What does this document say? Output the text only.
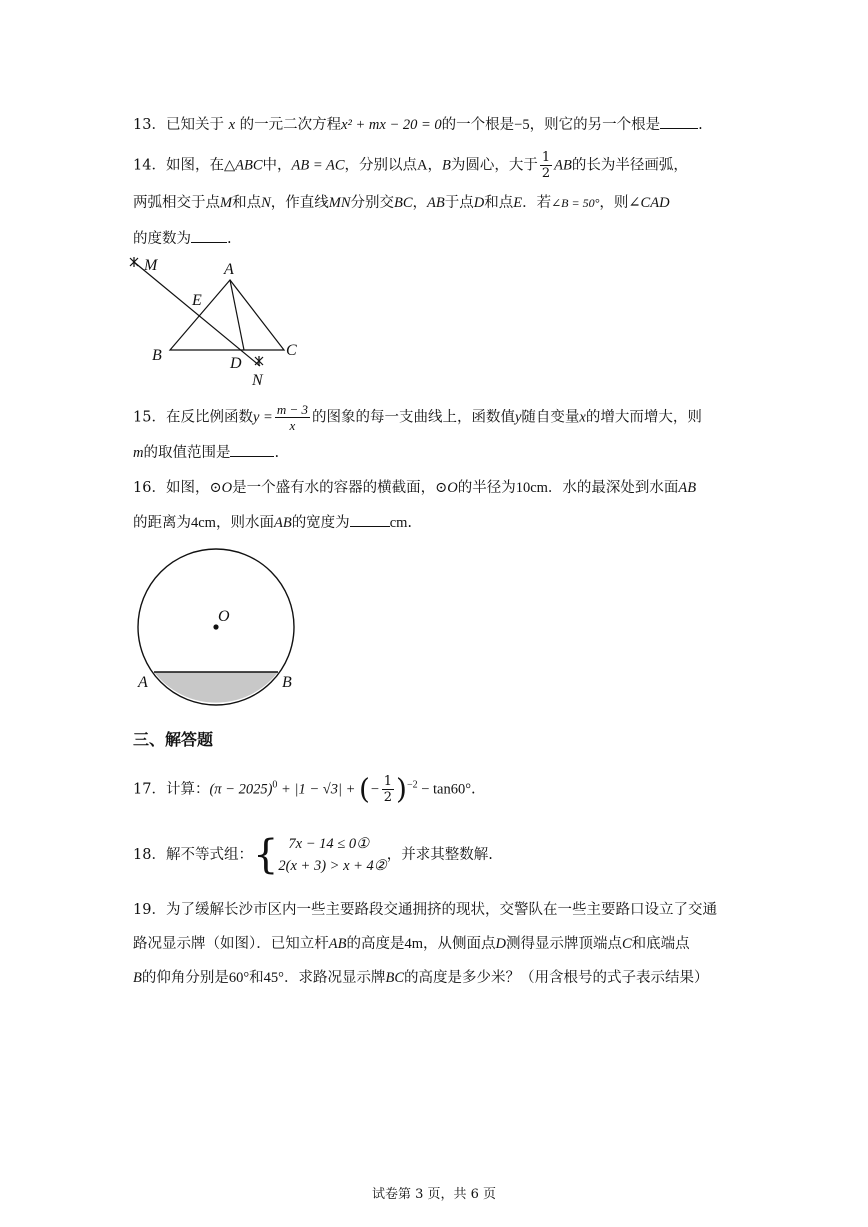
13．已知关于 x 的一元二次方程x² + mx − 20 = 0的一个根是−5，则它的另一个根是	.
14．如图，在△ABC中，AB = AC，分别以点A，B为圆心，大于 $\frac{1}{2}$ AB的长为半径画弧，
两弧相交于点M和点N，作直线MN分别交BC，AB于点D和点E．若∠B = 50°，则∠CAD
的度数为 .
M	A
E
B	D
C
N
15．在反比例函数$y = \frac{m - 3}{x}$ 的图象的每一支曲线上，函数值y随自变量x的增大而增大，则
m的取值范围是	.
16．如图，⊙O是一个盛有水的容器的横截面，⊙O的半径为10cm．水的最深处到水面AB
的距离为4cm，则水面AB的宽度为	cm.
O
A	B
三、解答题
17．计算：$(\pi - 2025)^0 + |1 - √3|$ + (− $\frac{1}{2} )^{-2} - \tan 60^\circ$.
18．解不等式组：{ 7x − 14 ≤ 0①
2(x + 3) > x + 4②
，并求其整数解.
19．为了缓解长沙市区内一些主要路段交通拥挤的现状，交警队在一些主要路口设立了交通
路况显示牌（如图）．已知立杆AB的高度是4m，从侧面点D测得显示牌顶端点C和底端点
B的仰角分别是60°和45°．求路况显示牌BC的高度是多少米？（用含根号的式子表示结果）
试卷第 3 页，共 6 页
